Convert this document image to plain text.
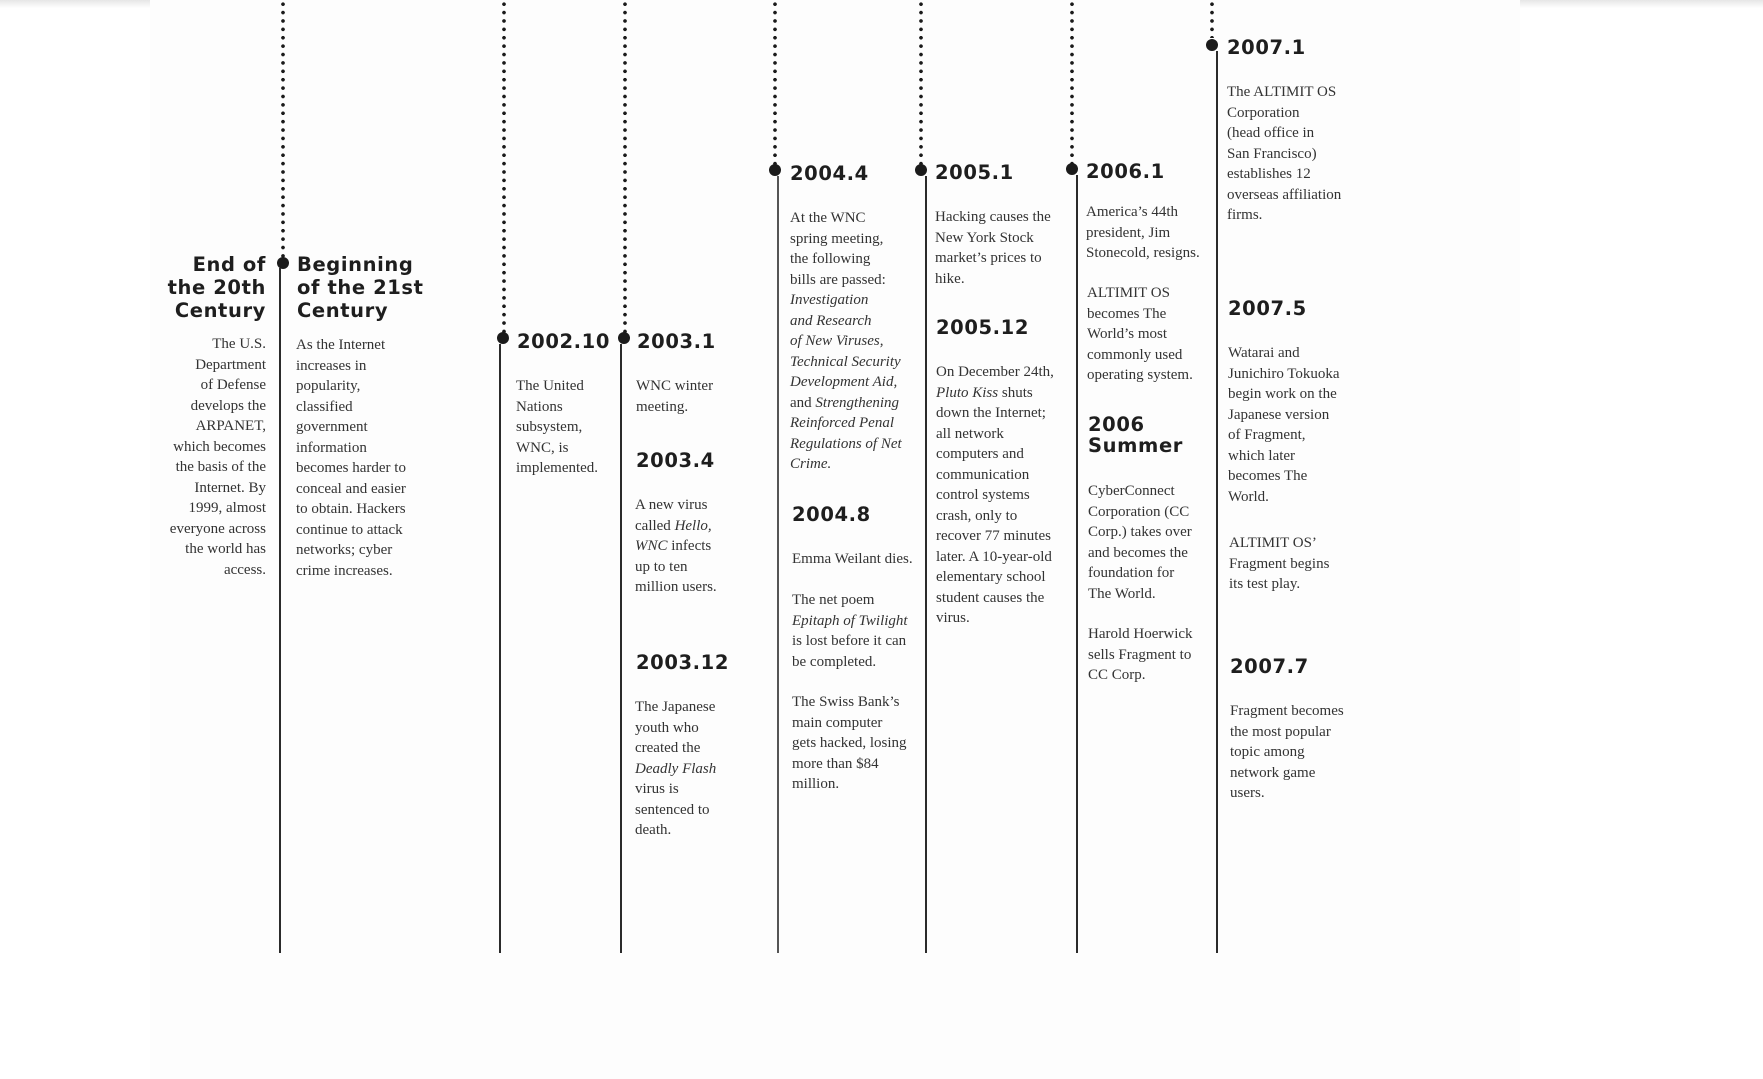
End of
the 20th
Century
The U.S.
Department
of Defense
develops the
ARPANET,
which becomes
the basis of the
Internet. By
1999, almost
everyone across
the world has
access.
Beginning
of the 21st
Century
As the Internet
increases in
popularity,
classified
government
information
becomes harder to
conceal and easier
to obtain. Hackers
continue to attack
networks; cyber
crime increases.
2002.10
The United
Nations
subsystem,
WNC, is
implemented.
2003.1
WNC winter
meeting.
2003.4
A new virus
called Hello,
WNC infects
up to ten
million users.
2003.12
The Japanese
youth who
created the
Deadly Flash
virus is
sentenced to
death.
2004.4
At the WNC
spring meeting,
the following
bills are passed:
Investigation
and Research
of New Viruses,
Technical Security
Development Aid,
and Strengthening
Reinforced Penal
Regulations of Net
Crime.
2004.8
Emma Weilant dies.
The net poem
Epitaph of Twilight
is lost before it can
be completed.
The Swiss Bank’s
main computer
gets hacked, losing
more than $84
million.
2005.1
Hacking causes the
New York Stock
market’s prices to
hike.
2005.12
On December 24th,
Pluto Kiss shuts
down the Internet;
all network
computers and
communication
control systems
crash, only to
recover 77 minutes
later. A 10-year-old
elementary school
student causes the
virus.
2006.1
America’s 44th
president, Jim
Stonecold, resigns.
ALTIMIT OS
becomes The
World’s most
commonly used
operating system.
2006
Summer
CyberConnect
Corporation (CC
Corp.) takes over
and becomes the
foundation for
The World.
Harold Hoerwick
sells Fragment to
CC Corp.
2007.1
The ALTIMIT OS
Corporation
(head office in
San Francisco)
establishes 12
overseas affiliation
firms.
2007.5
Watarai and
Junichiro Tokuoka
begin work on the
Japanese version
of Fragment,
which later
becomes The
World.
ALTIMIT OS’
Fragment begins
its test play.
2007.7
Fragment becomes
the most popular
topic among
network game
users.
